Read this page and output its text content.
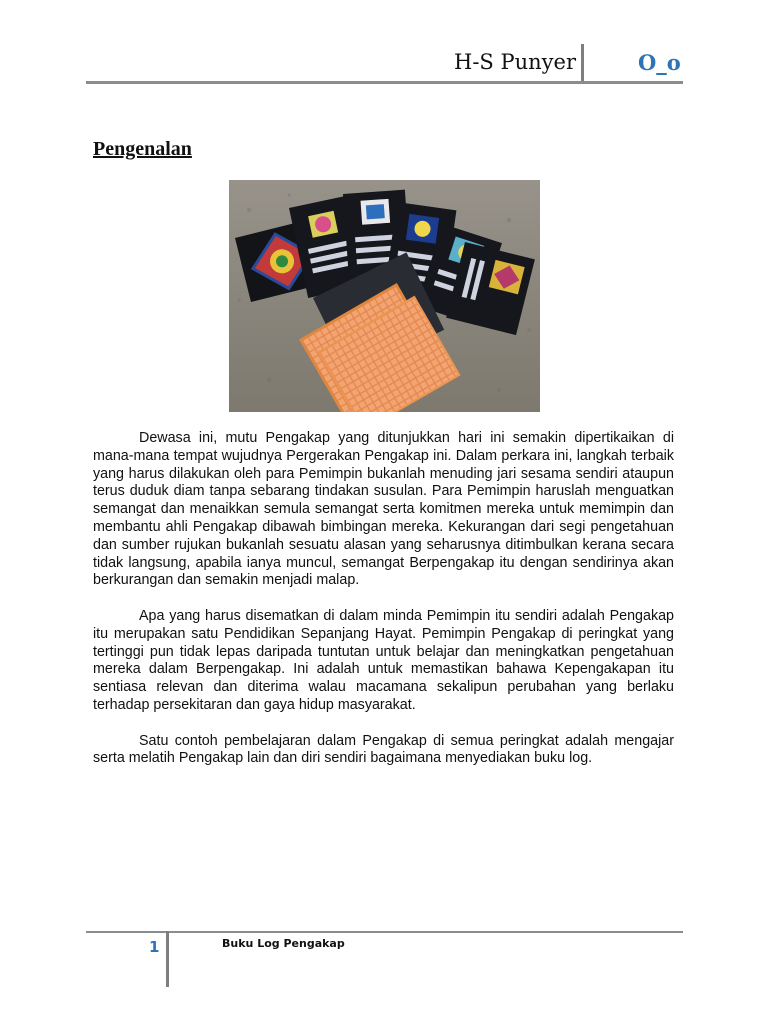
H-S Punyer	O_o
Pengenalan

Dewasa ini, mutu Pengakap yang ditunjukkan hari ini semakin dipertikaikan di mana-mana tempat wujudnya Pergerakan Pengakap ini. Dalam perkara ini, langkah terbaik yang harus dilakukan oleh para Pemimpin bukanlah menuding jari sesama sendiri ataupun terus duduk diam tanpa sebarang tindakan susulan. Para Pemimpin haruslah menguatkan semangat dan menaikkan semula semangat serta komitmen mereka untuk memimpin dan membantu ahli Pengakap dibawah bimbingan mereka. Kekurangan dari segi pengetahuan dan sumber rujukan bukanlah sesuatu alasan yang seharusnya ditimbulkan kerana secara tidak langsung, apabila ianya muncul, semangat Berpengakap itu dengan sendirinya akan berkurangan dan semakin menjadi malap.

Apa yang harus disematkan di dalam minda Pemimpin itu sendiri adalah Pengakap itu merupakan satu Pendidikan Sepanjang Hayat. Pemimpin Pengakap di peringkat yang tertinggi pun tidak lepas daripada tuntutan untuk belajar dan meningkatkan pengetahuan mereka dalam Berpengakap. Ini adalah untuk memastikan bahawa Kepengakapan itu sentiasa relevan dan diterima walau macamana sekalipun perubahan yang berlaku terhadap persekitaran dan gaya hidup masyarakat.

Satu contoh pembelajaran dalam Pengakap di semua peringkat adalah mengajar serta melatih Pengakap lain dan diri sendiri bagaimana menyediakan buku log.

1	Buku Log Pengakap
